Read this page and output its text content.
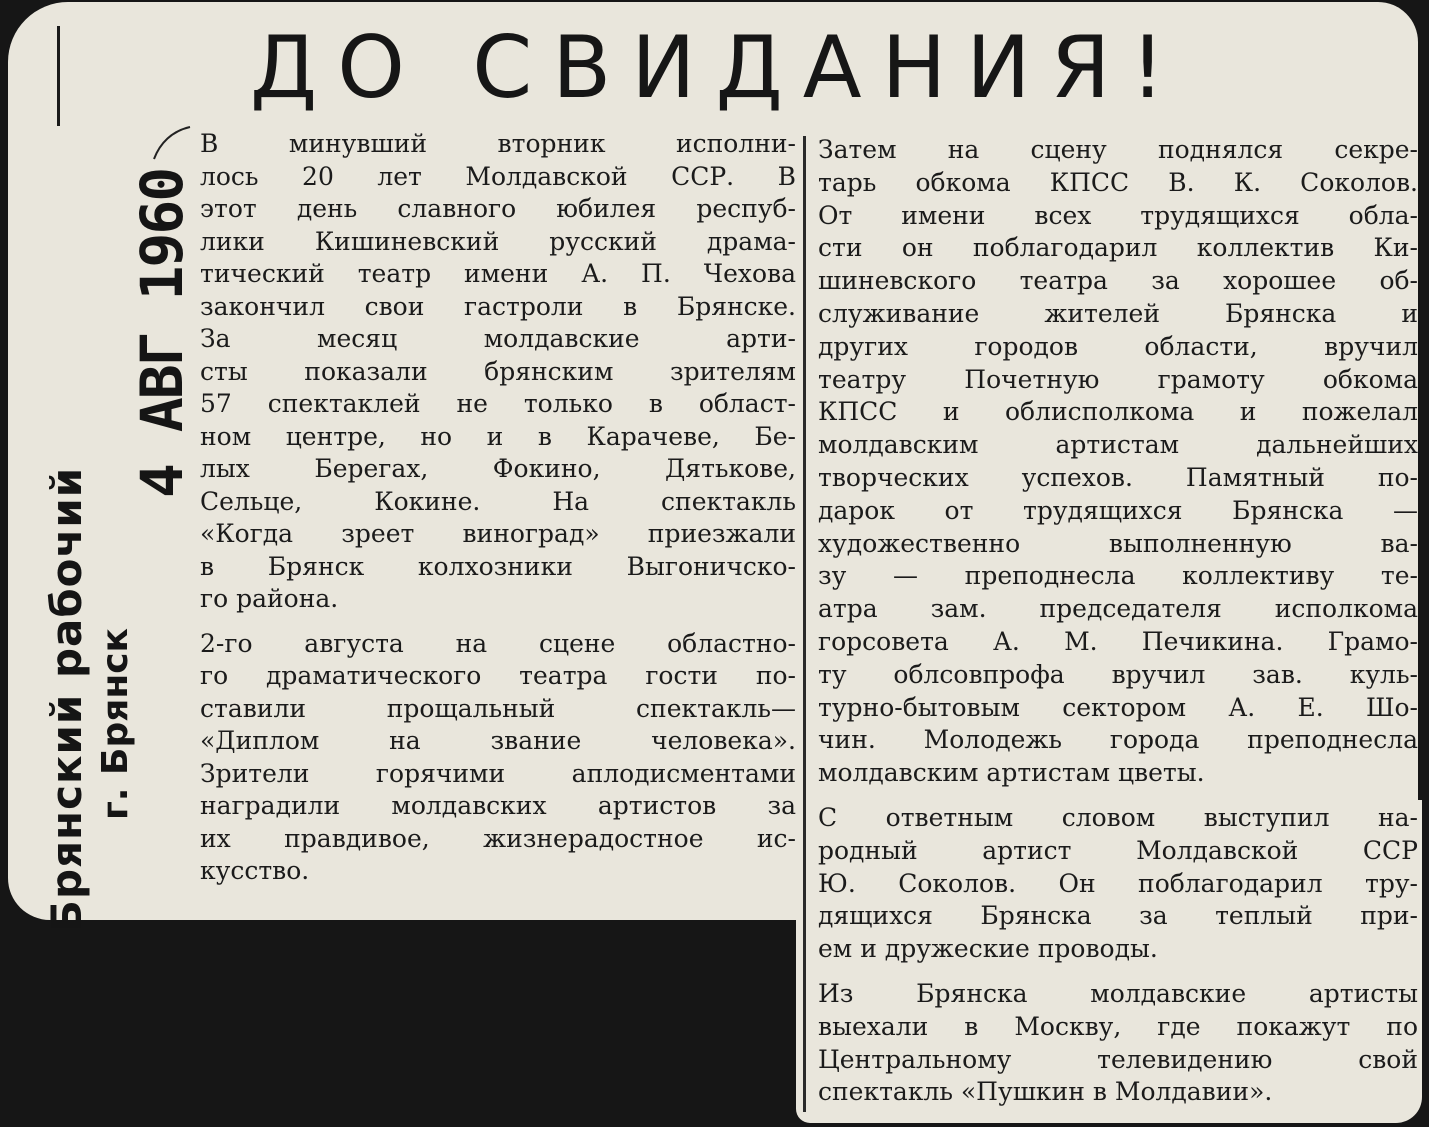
Брянский рабочий г. Брянск
4 АВГ 1960
ДО СВИДАНИЯ!
В минувший вторник исполни-
лось 20 лет Молдавской ССР. В
этот день славного юбилея респуб-
лики Кишиневский русский драма-
тический театр имени А. П. Чехова
закончил свои гастроли в Брянске.
За месяц молдавские арти-
сты показали брянским зрителям
57 спектаклей не только в област-
ном центре, но и в Карачеве, Бе-
лых Берегах, Фокино, Дятькове,
Сельце, Кокине. На спектакль
«Когда зреет виноград» приезжали
в Брянск колхозники Выгоничско-
го района.
2-го августа на сцене областно-
го драматического театра гости по-
ставили прощальный спектакль—
«Диплом на звание человека».
Зрители горячими аплодисментами
наградили молдавских артистов за
их правдивое, жизнерадостное ис-
кусство.
Затем на сцену поднялся секре-
тарь обкома КПСС В. К. Соколов.
От имени всех трудящихся обла-
сти он поблагодарил коллектив Ки-
шиневского театра за хорошее об-
служивание жителей Брянска и
других городов области, вручил
театру Почетную грамоту обкома
КПСС и облисполкома и пожелал
молдавским артистам дальнейших
творческих успехов. Памятный по-
дарок от трудящихся Брянска —
художественно выполненную ва-
зу — преподнесла коллективу те-
атра зам. председателя исполкома
горсовета А. М. Печикина. Грамо-
ту облсовпрофа вручил зав. куль-
турно-бытовым сектором А. Е. Шо-
чин. Молодежь города преподнесла
молдавским артистам цветы.
С ответным словом выступил на-
родный артист Молдавской ССР
Ю. Соколов. Он поблагодарил тру-
дящихся Брянска за теплый при-
ем и дружеские проводы.
Из Брянска молдавские артисты
выехали в Москву, где покажут по
Центральному телевидению свой
спектакль «Пушкин в Молдавии».
